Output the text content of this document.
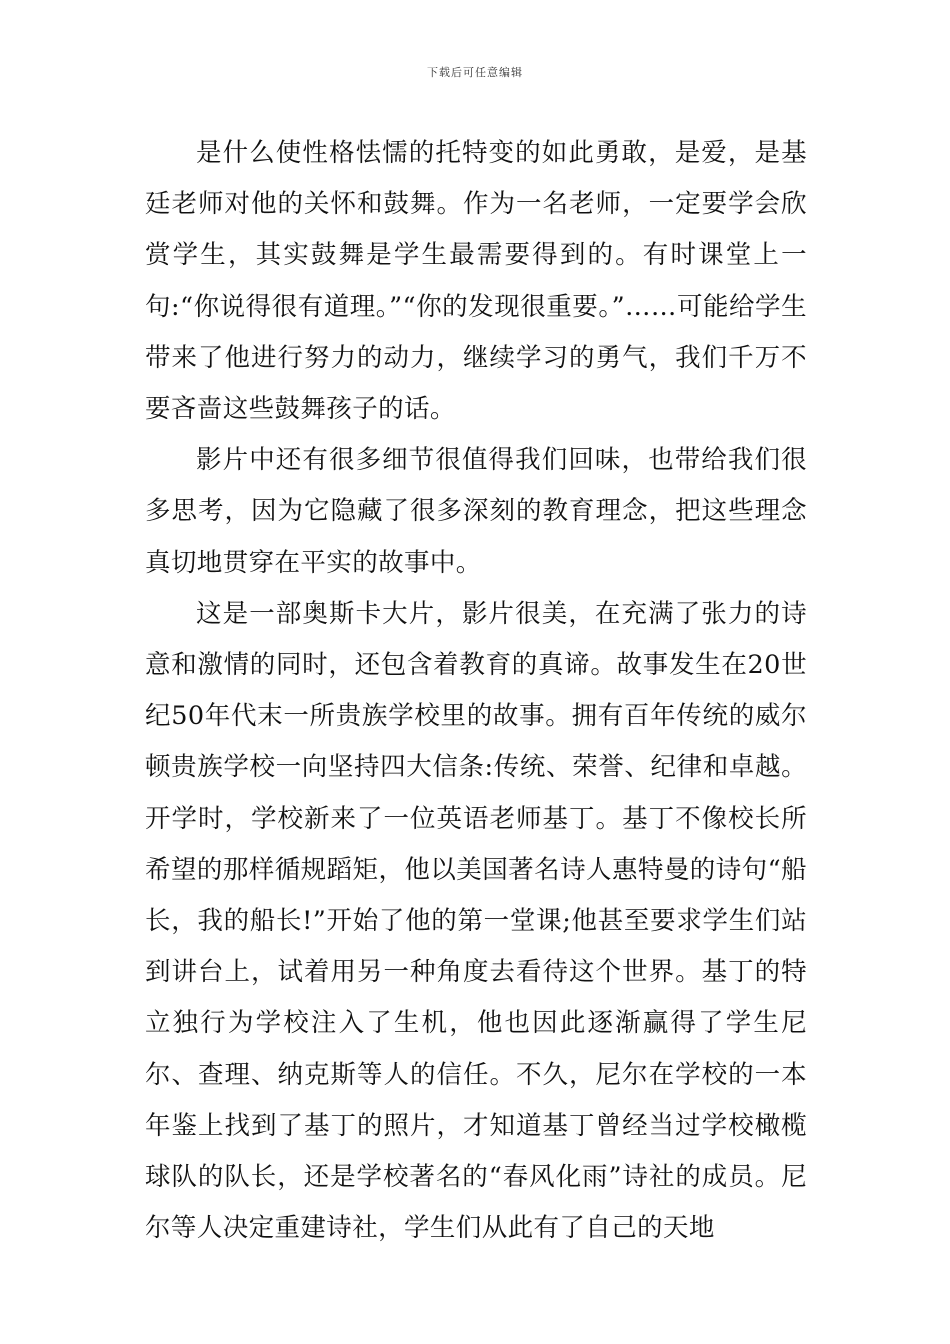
下载后可任意编辑

是什么使性格怯懦的托特变的如此勇敢，是爱，是基廷老师对他的关怀和鼓舞。作为一名老师，一定要学会欣赏学生，其实鼓舞是学生最需要得到的。有时课堂上一句:“你说得很有道理。”“你的发现很重要。”……可能给学生带来了他进行努力的动力，继续学习的勇气，我们千万不要吝啬这些鼓舞孩子的话。

影片中还有很多细节很值得我们回味，也带给我们很多思考，因为它隐藏了很多深刻的教育理念，把这些理念真切地贯穿在平实的故事中。

这是一部奥斯卡大片，影片很美，在充满了张力的诗意和激情的同时，还包含着教育的真谛。故事发生在20世纪50年代末一所贵族学校里的故事。拥有百年传统的威尔顿贵族学校一向坚持四大信条:传统、荣誉、纪律和卓越。开学时，学校新来了一位英语老师基丁。基丁不像校长所希望的那样循规蹈矩，他以美国著名诗人惠特曼的诗句“船长，我的船长!”开始了他的第一堂课;他甚至要求学生们站到讲台上，试着用另一种角度去看待这个世界。基丁的特立独行为学校注入了生机，他也因此逐渐赢得了学生尼尔、查理、纳克斯等人的信任。不久，尼尔在学校的一本年鉴上找到了基丁的照片，才知道基丁曾经当过学校橄榄球队的队长，还是学校著名的“春风化雨”诗社的成员。尼尔等人决定重建诗社，学生们从此有了自己的天地
